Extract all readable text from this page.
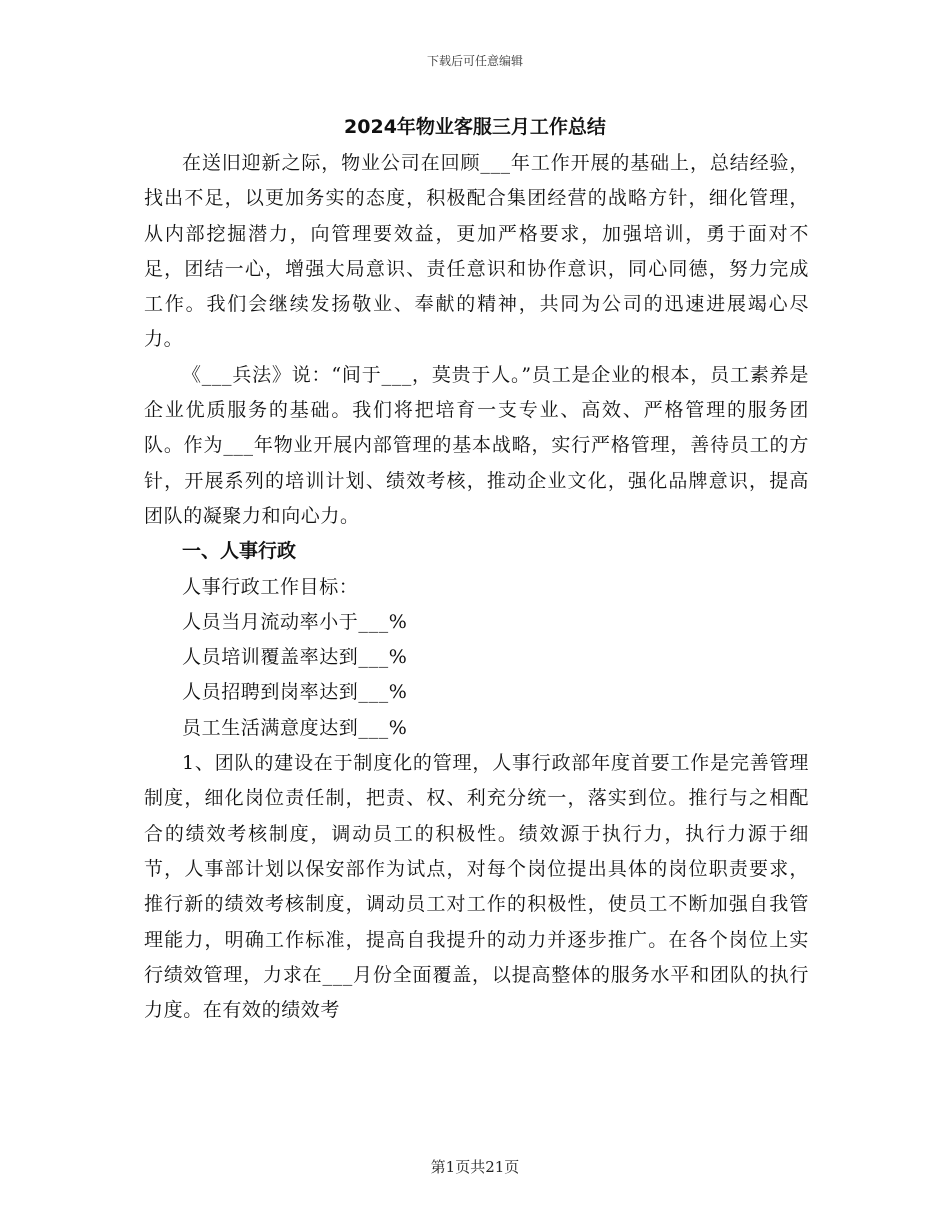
下载后可任意编辑
2024年物业客服三月工作总结

在送旧迎新之际，物业公司在回顾___年工作开展的基础上，总结经验，找出不足，以更加务实的态度，积极配合集团经营的战略方针，细化管理，从内部挖掘潜力，向管理要效益，更加严格要求，加强培训，勇于面对不足，团结一心，增强大局意识、责任意识和协作意识，同心同德，努力完成工作。我们会继续发扬敬业、奉献的精神，共同为公司的迅速进展竭心尽力。

《___兵法》说：“间于___，莫贵于人。”员工是企业的根本，员工素养是企业优质服务的基础。我们将把培育一支专业、高效、严格管理的服务团队。作为___年物业开展内部管理的基本战略，实行严格管理，善待员工的方针，开展系列的培训计划、绩效考核，推动企业文化，强化品牌意识，提高团队的凝聚力和向心力。

一、人事行政

人事行政工作目标：

人员当月流动率小于___%

人员培训覆盖率达到___%

人员招聘到岗率达到___%

员工生活满意度达到___%

1、团队的建设在于制度化的管理，人事行政部年度首要工作是完善管理制度，细化岗位责任制，把责、权、利充分统一，落实到位。推行与之相配合的绩效考核制度，调动员工的积极性。绩效源于执行力，执行力源于细节，人事部计划以保安部作为试点，对每个岗位提出具体的岗位职责要求，推行新的绩效考核制度，调动员工对工作的积极性，使员工不断加强自我管理能力，明确工作标准，提高自我提升的动力并逐步推广。在各个岗位上实行绩效管理，力求在___月份全面覆盖，以提高整体的服务水平和团队的执行力度。在有效的绩效考

第1页共21页
